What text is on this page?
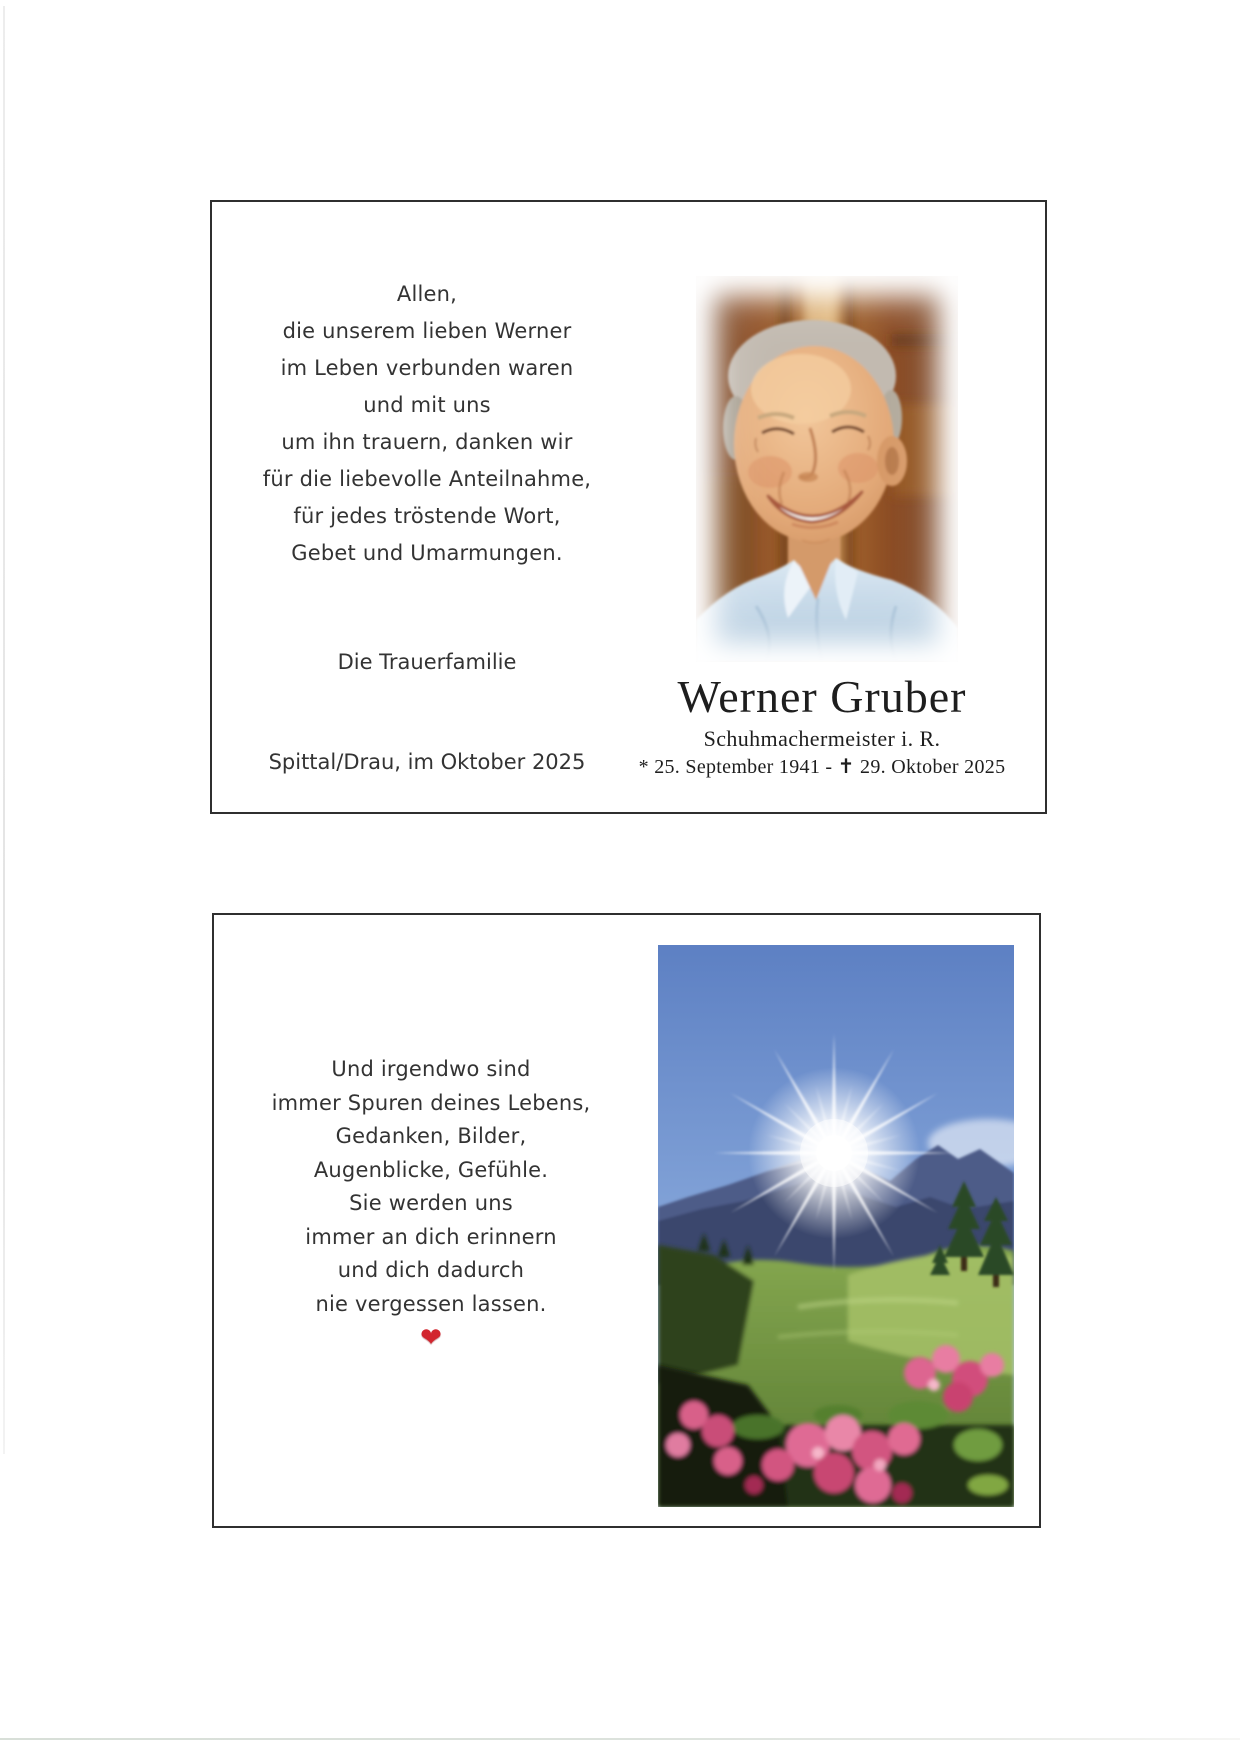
Allen,
die unserem lieben Werner
im Leben verbunden waren
und mit uns
um ihn trauern, danken wir
für die liebevolle Anteilnahme,
für jedes tröstende Wort,
Gebet und Umarmungen.
Die Trauerfamilie
Spittal/Drau, im Oktober 2025
Werner Gruber
Schuhmachermeister i. R.
* 25. September 1941 - ✝ 29. Oktober 2025
Und irgendwo sind
immer Spuren deines Lebens,
Gedanken, Bilder,
Augenblicke, Gefühle.
Sie werden uns
immer an dich erinnern
und dich dadurch
nie vergessen lassen.
❤
